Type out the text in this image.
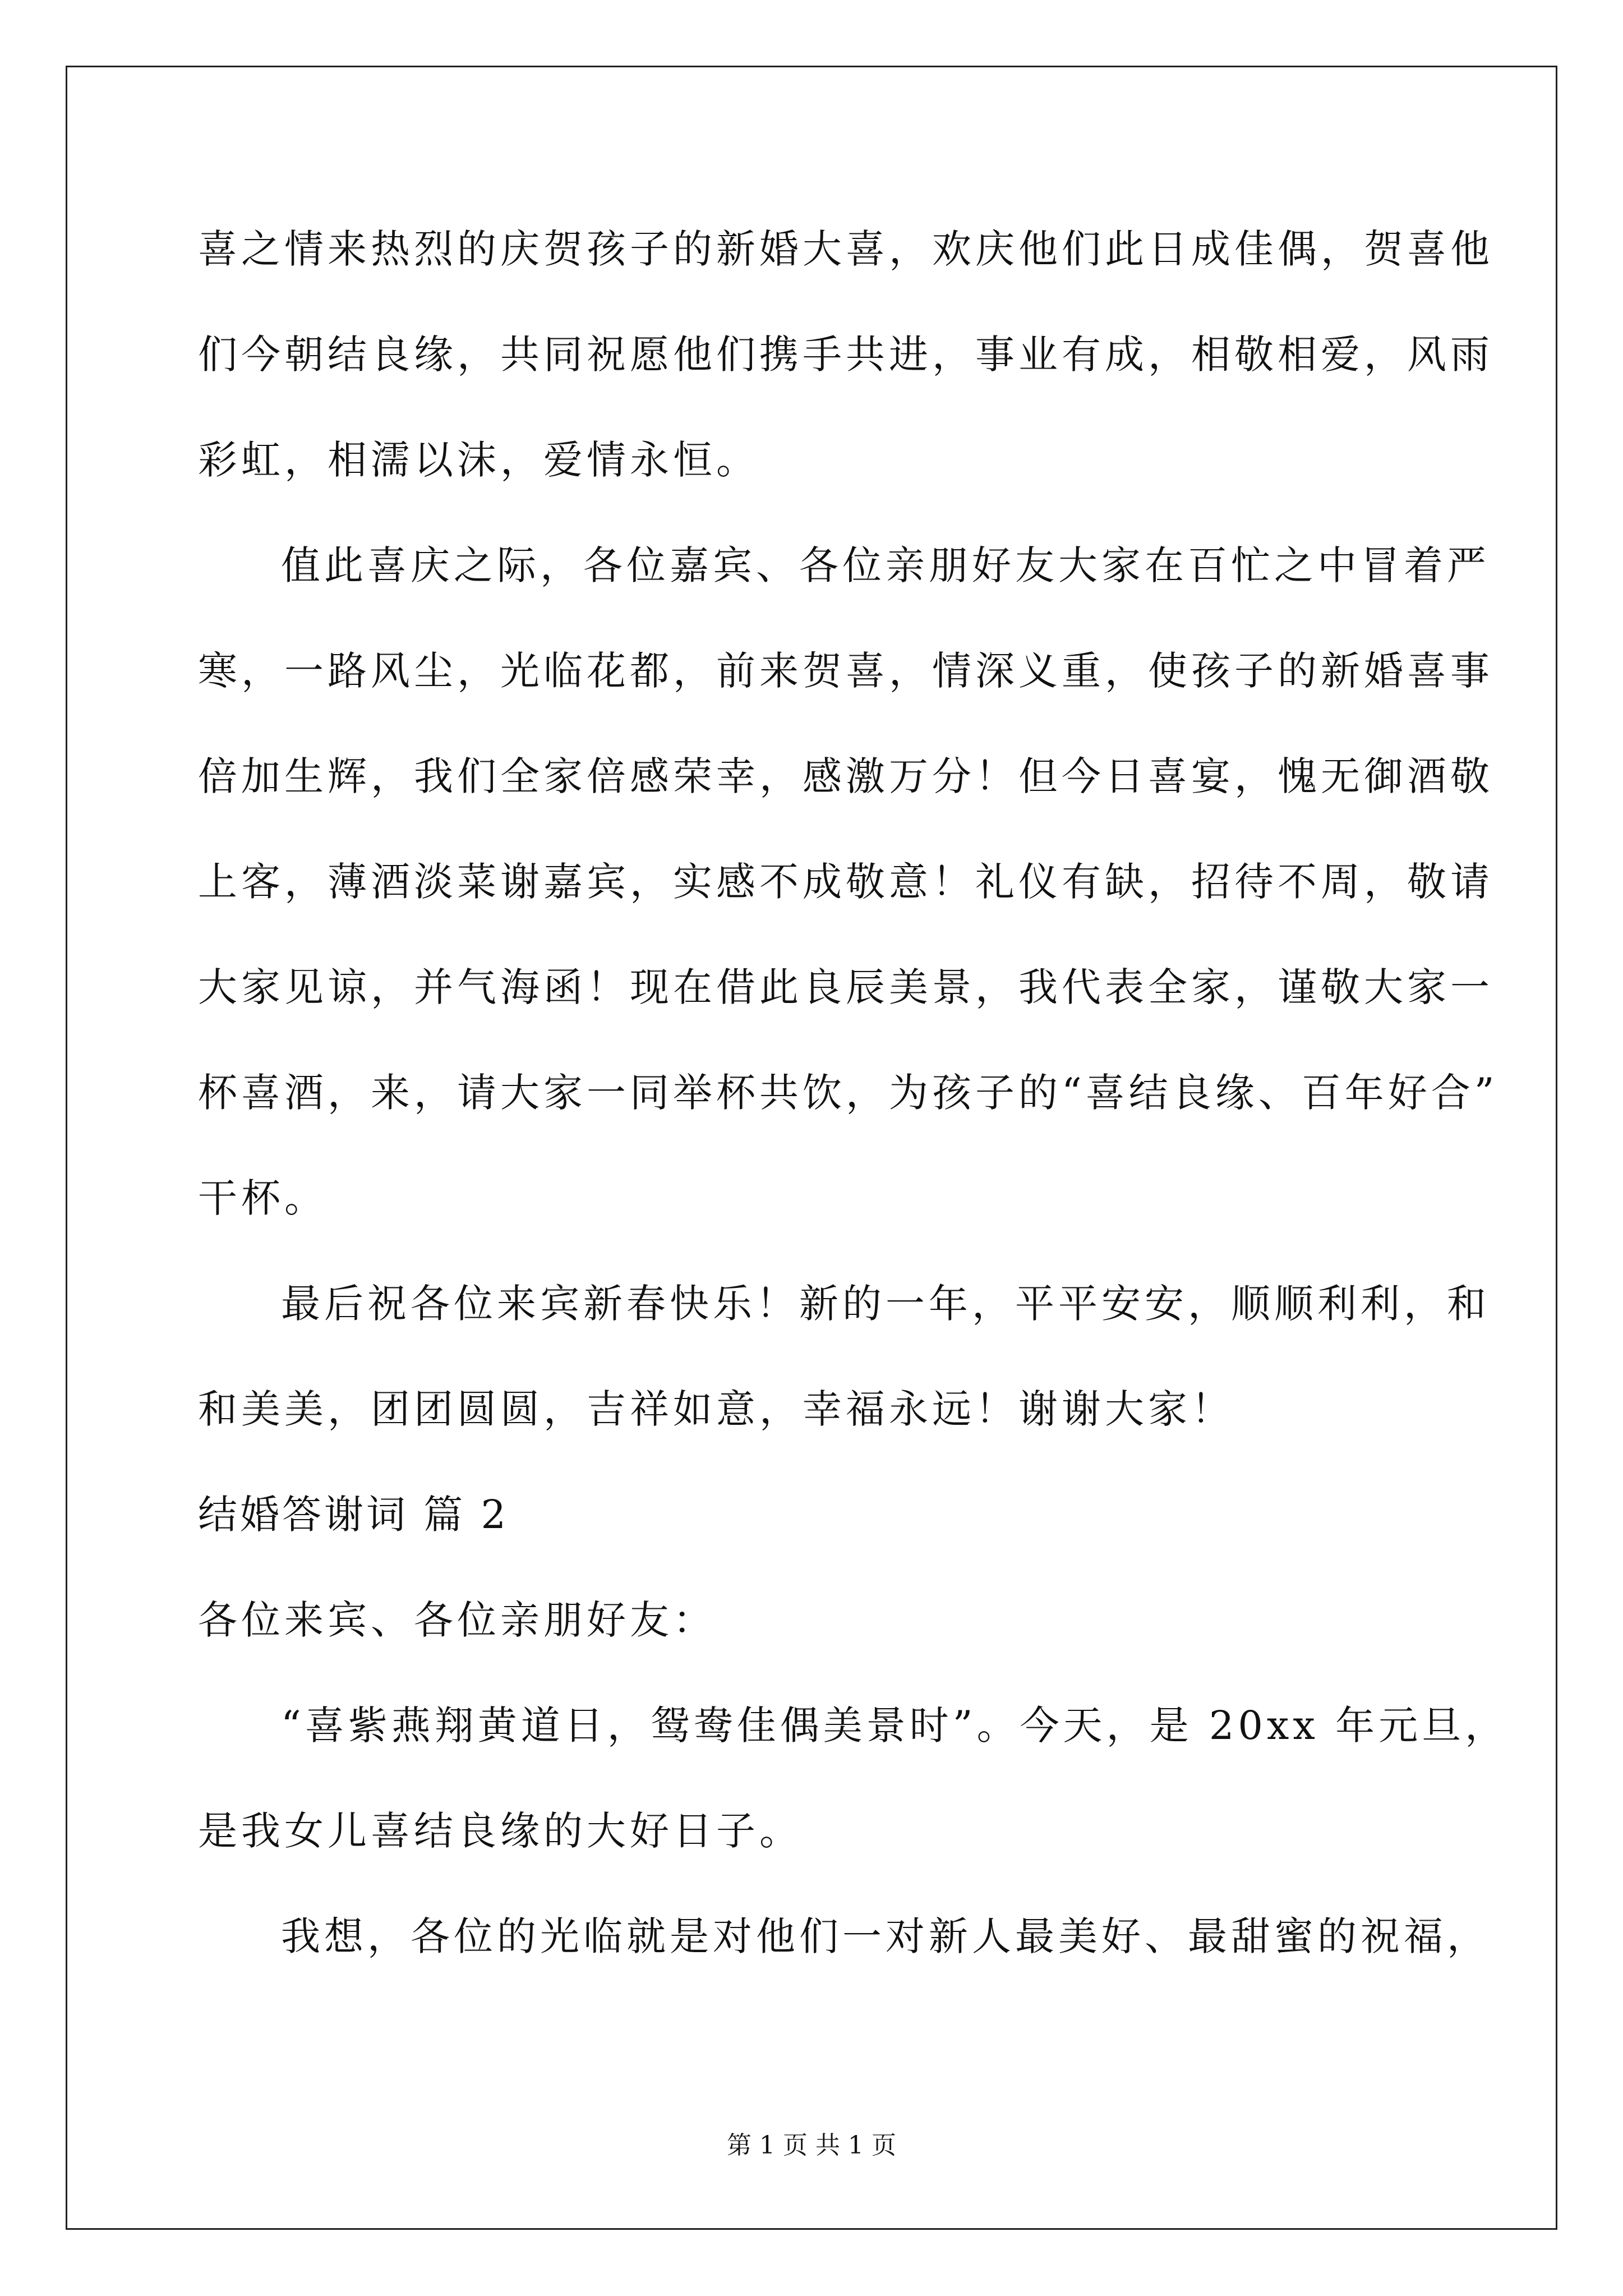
喜之情来热烈的庆贺孩子的新婚大喜，欢庆他们此日成佳偶，贺喜他
们今朝结良缘，共同祝愿他们携手共进，事业有成，相敬相爱，风雨
彩虹，相濡以沫，爱情永恒。
值此喜庆之际，各位嘉宾、各位亲朋好友大家在百忙之中冒着严
寒，一路风尘，光临花都，前来贺喜，情深义重，使孩子的新婚喜事
倍加生辉，我们全家倍感荣幸，感激万分！但今日喜宴，愧无御酒敬
上客，薄酒淡菜谢嘉宾，实感不成敬意！礼仪有缺，招待不周，敬请
大家见谅，并气海函！现在借此良辰美景，我代表全家，谨敬大家一
杯喜酒，来，请大家一同举杯共饮，为孩子的“喜结良缘、百年好合”
干杯。
最后祝各位来宾新春快乐！新的一年，平平安安，顺顺利利，和
和美美，团团圆圆，吉祥如意，幸福永远！谢谢大家！
结婚答谢词 篇 2
各位来宾、各位亲朋好友：
“喜紫燕翔黄道日，鸳鸯佳偶美景时”。今天，是 20xx 年元旦，
是我女儿喜结良缘的大好日子。
我想，各位的光临就是对他们一对新人最美好、最甜蜜的祝福，
第 1 页 共 1 页
